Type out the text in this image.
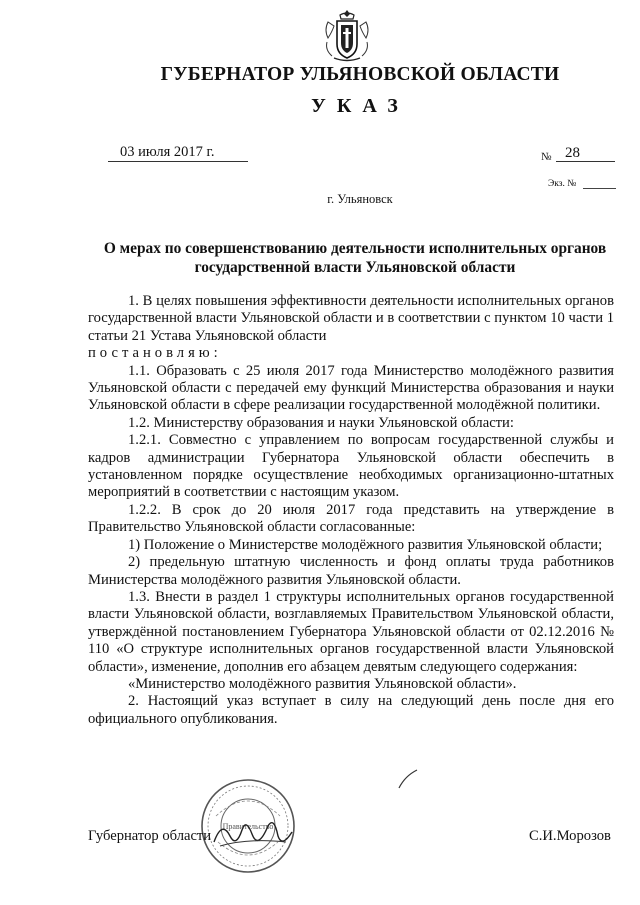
ГУБЕРНАТОР УЛЬЯНОВСКОЙ ОБЛАСТИ
УКАЗ
03 июля 2017 г.	№ 28
Экз. №
г. Ульяновск
О мерах по совершенствованию деятельности исполнительных органов
государственной власти Ульяновской области

1. В целях повышения эффективности деятельности исполнительных органов государственной власти Ульяновской области и в соответствии с пунктом 10 части 1 статьи 21 Устава Ульяновской области
постановляю:

1.1. Образовать с 25 июля 2017 года Министерство молодёжного развития Ульяновской области с передачей ему функций Министерства образования и науки Ульяновской области в сфере реализации государственной молодёжной политики.

1.2. Министерству образования и науки Ульяновской области:

1.2.1. Совместно с управлением по вопросам государственной службы и кадров администрации Губернатора Ульяновской области обеспечить в установленном порядке осуществление необходимых организационно-штатных мероприятий в соответствии с настоящим указом.

1.2.2. В срок до 20 июля 2017 года представить на утверждение в Правительство Ульяновской области согласованные:

1) Положение о Министерстве молодёжного развития Ульяновской области;

2) предельную штатную численность и фонд оплаты труда работников Министерства молодёжного развития Ульяновской области.

1.3. Внести в раздел 1 структуры исполнительных органов государственной власти Ульяновской области, возглавляемых Правительством Ульяновской области, утверждённой постановлением Губернатора Ульяновской области от 02.12.2016 № 110 «О структуре исполнительных органов государственной власти Ульяновской области», изменение, дополнив его абзацем девятым следующего содержания:

«Министерство молодёжного развития Ульяновской области».

2. Настоящий указ вступает в силу на следующий день после дня его официального опубликования.

Правительство
Губернатор области	С.И.Морозов
